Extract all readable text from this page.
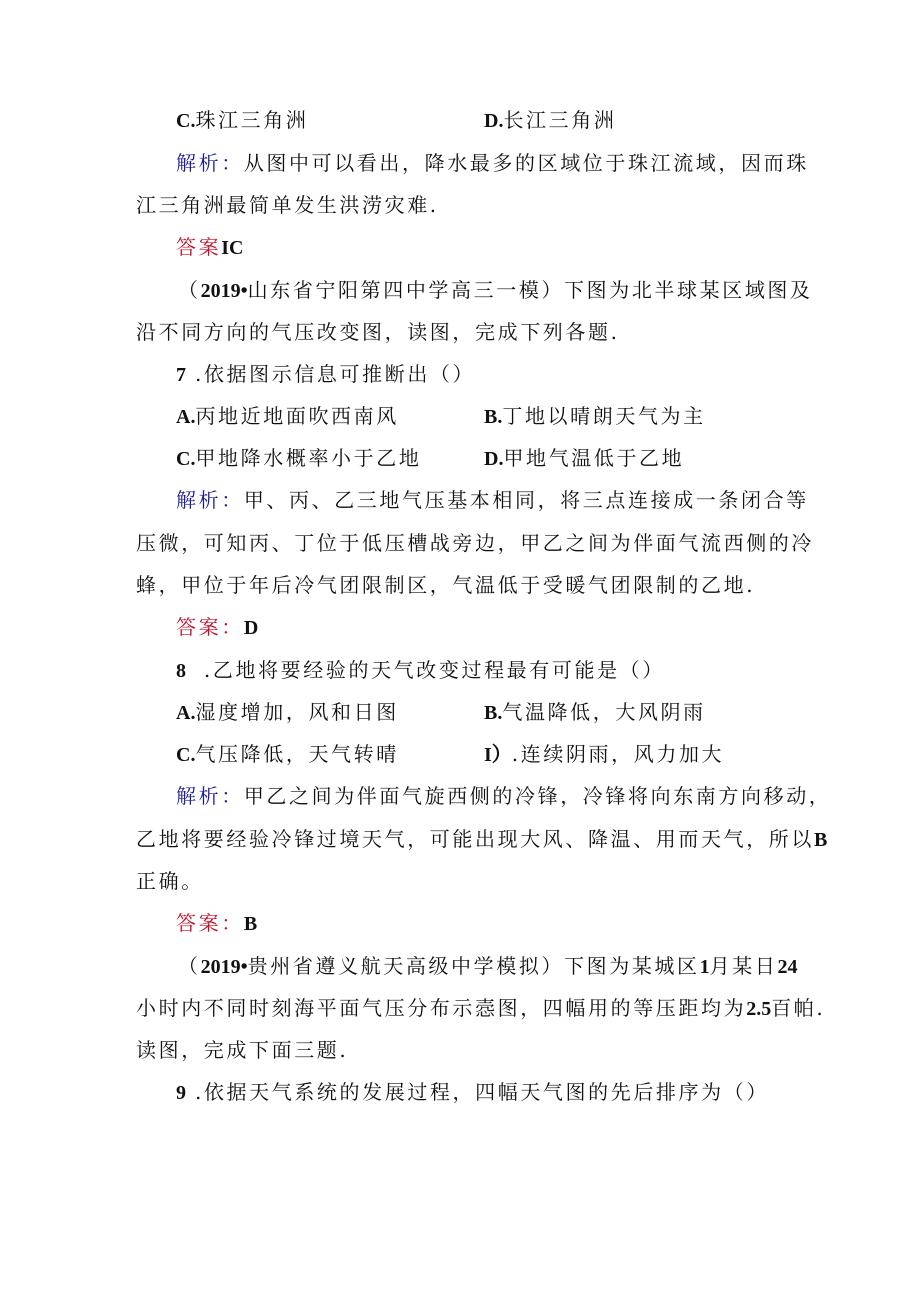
C.珠江三角洲	D.长江三角洲
解析：从图中可以看出，降水最多的区域位于珠江流域，因而珠
江三角洲最简单发生洪涝灾难.
答案IC
（2019•山东省宁阳第四中学高三一模）下图为北半球某区域图及
沿不同方向的气压改变图，读图，完成下列各题.
7 .依据图示信息可推断出（）
A.丙地近地面吹西南风	B.丁地以晴朗天气为主
C.甲地降水概率小于乙地	D.甲地气温低于乙地
解析：甲、丙、乙三地气压基本相同，将三点连接成一条闭合等
压微，可知丙、丁位于低压槽战旁边，甲乙之间为伴面气流西侧的冷
蜂，甲位于年后冷气团限制区，气温低于受暖气团限制的乙地.
答案：D
8 .乙地将要经验的天气改变过程最有可能是（）
A.湿度增加，风和日图	B.气温降低，大风阴雨
C.气压降低，天气转晴	I）.连续阴雨，风力加大
解析：甲乙之间为伴面气旋西侧的冷锋，冷锋将向东南方向移动，
乙地将要经验冷锋过境天气，可能出现大风、降温、用而天气，所以B
正确。
答案：B
（2019•贵州省遵义航天高级中学模拟）下图为某城区1月某日24
小时内不同时刻海平面气压分布示悫图，四幅用的等压距均为2.5百帕.
读图，完成下面三题.
9 .依据天气系统的发展过程，四幅天气图的先后排序为（）
